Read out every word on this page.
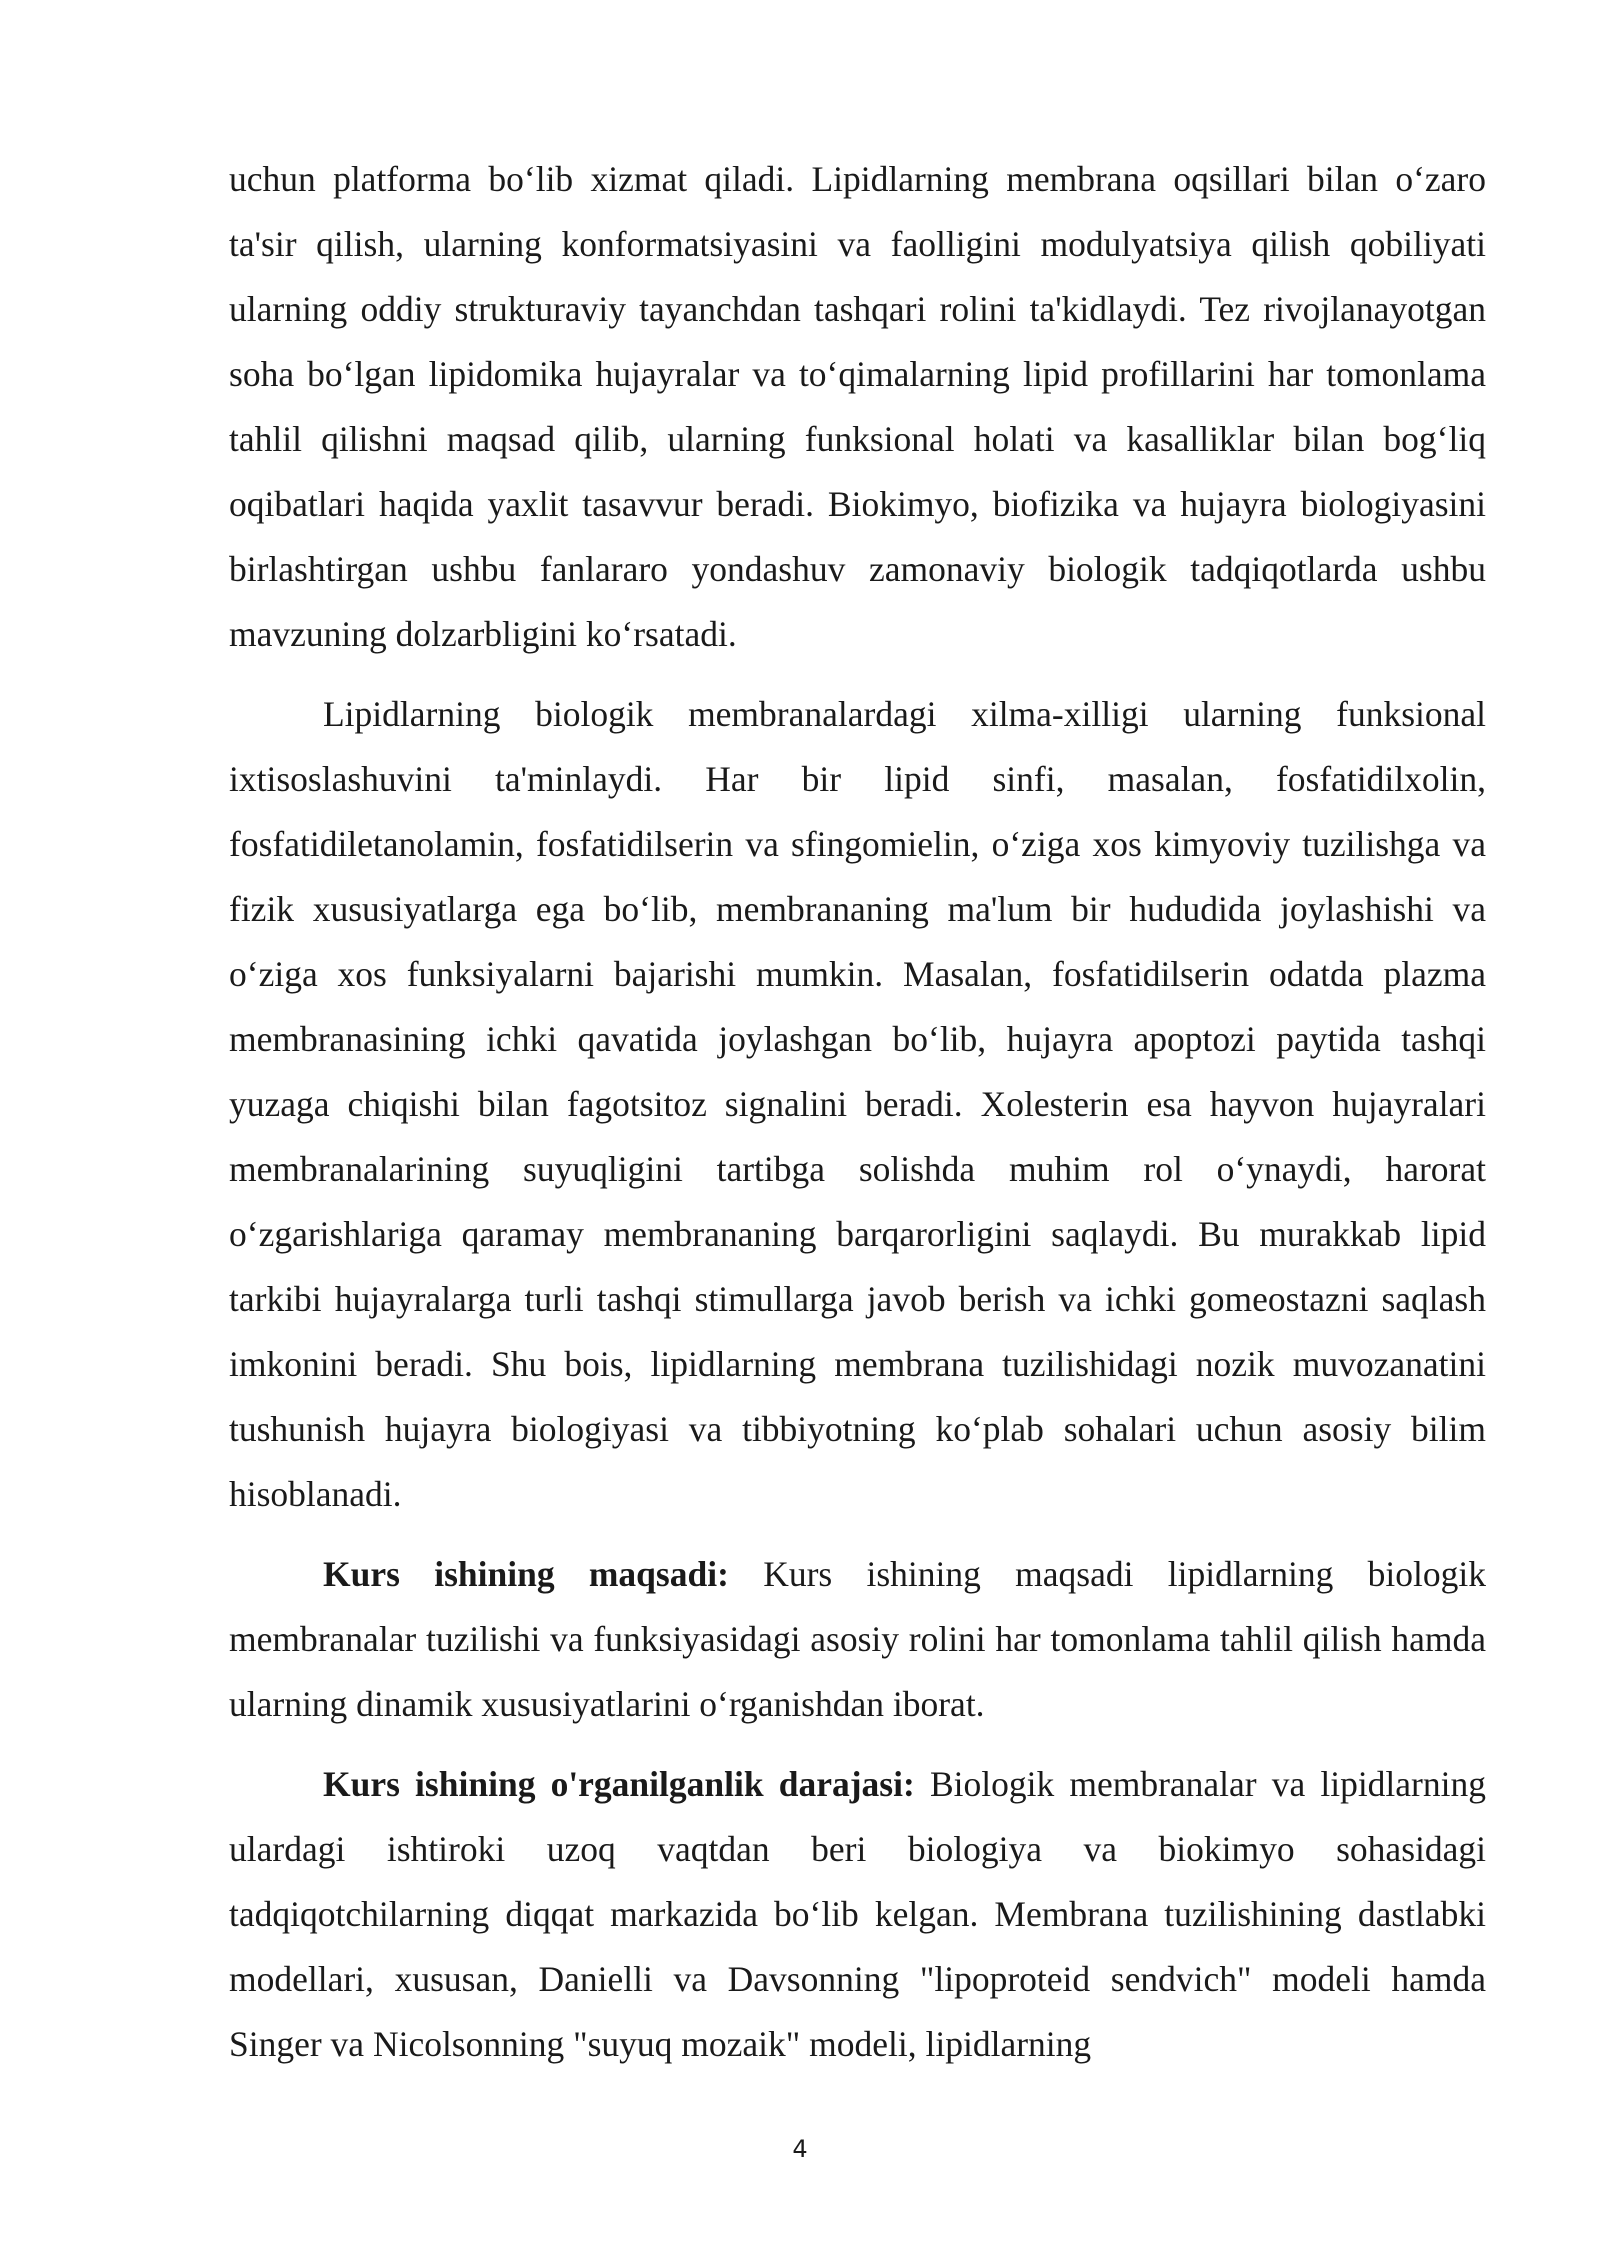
uchun platforma bo‘lib xizmat qiladi. Lipidlarning membrana oqsillari bilan o‘zaro ta'sir qilish, ularning konformatsiyasini va faolligini modulyatsiya qilish qobiliyati ularning oddiy strukturaviy tayanchdan tashqari rolini ta'kidlaydi. Tez rivojlanayotgan soha bo‘lgan lipidomika hujayralar va to‘qimalarning lipid profillarini har tomonlama tahlil qilishni maqsad qilib, ularning funksional holati va kasalliklar bilan bog‘liq oqibatlari haqida yaxlit tasavvur beradi. Biokimyo, biofizika va hujayra biologiyasini birlashtirgan ushbu fanlararo yondashuv zamonaviy biologik tadqiqotlarda ushbu mavzuning dolzarbligini ko‘rsatadi.

Lipidlarning biologik membranalardagi xilma-xilligi ularning funksional ixtisoslashuvini ta'minlaydi. Har bir lipid sinfi, masalan, fosfatidilxolin, fosfatidiletanolamin, fosfatidilserin va sfingomielin, o‘ziga xos kimyoviy tuzilishga va fizik xususiyatlarga ega bo‘lib, membrananing ma'lum bir hududida joylashishi va o‘ziga xos funksiyalarni bajarishi mumkin. Masalan, fosfatidilserin odatda plazma membranasining ichki qavatida joylashgan bo‘lib, hujayra apoptozi paytida tashqi yuzaga chiqishi bilan fagotsitoz signalini beradi. Xolesterin esa hayvon hujayralari membranalarining suyuqligini tartibga solishda muhim rol o‘ynaydi, harorat o‘zgarishlariga qaramay membrananing barqarorligini saqlaydi. Bu murakkab lipid tarkibi hujayralarga turli tashqi stimullarga javob berish va ichki gomeostazni saqlash imkonini beradi. Shu bois, lipidlarning membrana tuzilishidagi nozik muvozanatini tushunish hujayra biologiyasi va tibbiyotning ko‘plab sohalari uchun asosiy bilim hisoblanadi.

Kurs ishining maqsadi: Kurs ishining maqsadi lipidlarning biologik membranalar tuzilishi va funksiyasidagi asosiy rolini har tomonlama tahlil qilish hamda ularning dinamik xususiyatlarini o‘rganishdan iborat.

Kurs ishining o'rganilganlik darajasi: Biologik membranalar va lipidlarning ulardagi ishtiroki uzoq vaqtdan beri biologiya va biokimyo sohasidagi tadqiqotchilarning diqqat markazida bo‘lib kelgan. Membrana tuzilishining dastlabki modellari, xususan, Danielli va Davsonning "lipoproteid sendvich" modeli hamda Singer va Nicolsonning "suyuq mozaik" modeli, lipidlarning

4
